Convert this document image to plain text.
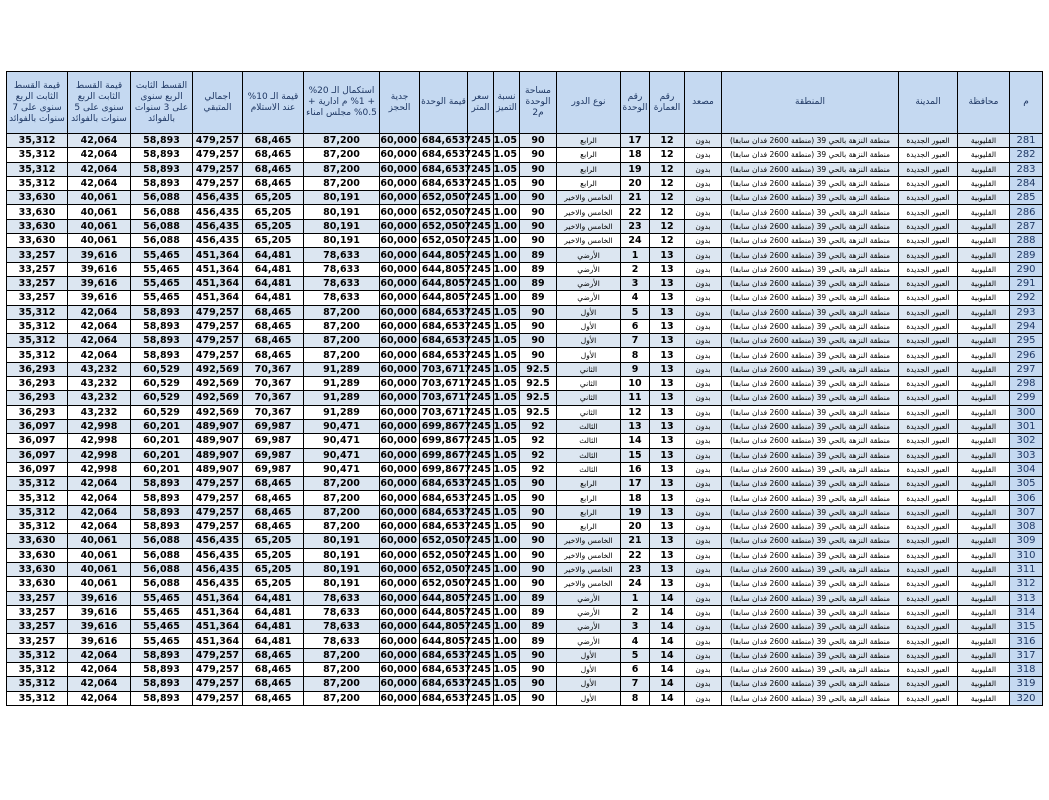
م	محافظة	المدينة	المنطقة	مصعد	رقم العمارة	رقم الوحدة	نوع الدور	مساحة الوحدة م2	نسبة التميز	سعر المتر	قيمة الوحدة	جدية الحجز	استكمال الـ 20% + 1% م ادارية + 0.5% مجلس امناء	قيمة الـ 10% عند الاستلام	اجمالي المتبقي	القسط الثابت الربع سنوى على 3 سنوات بالفوائد	قيمة القسط الثابت الربع سنوى على 5 سنوات بالفوائد	قيمة القسط الثابت الربع سنوى على 7 سنوات بالفوائد
281	القليوبية	العبور الجديدة	منطقة النزهة بالحي 39 (منطقة 2600 فدان سابقا)	بدون	12	17	الرابع	90	1.05	7245	684,653	60,000	87,200	68,465	479,257	58,893	42,064	35,312
282	القليوبية	العبور الجديدة	منطقة النزهة بالحي 39 (منطقة 2600 فدان سابقا)	بدون	12	18	الرابع	90	1.05	7245	684,653	60,000	87,200	68,465	479,257	58,893	42,064	35,312
283	القليوبية	العبور الجديدة	منطقة النزهة بالحي 39 (منطقة 2600 فدان سابقا)	بدون	12	19	الرابع	90	1.05	7245	684,653	60,000	87,200	68,465	479,257	58,893	42,064	35,312
284	القليوبية	العبور الجديدة	منطقة النزهة بالحي 39 (منطقة 2600 فدان سابقا)	بدون	12	20	الرابع	90	1.05	7245	684,653	60,000	87,200	68,465	479,257	58,893	42,064	35,312
285	القليوبية	العبور الجديدة	منطقة النزهة بالحي 39 (منطقة 2600 فدان سابقا)	بدون	12	21	الخامس والاخير	90	1.00	7245	652,050	60,000	80,191	65,205	456,435	56,088	40,061	33,630
286	القليوبية	العبور الجديدة	منطقة النزهة بالحي 39 (منطقة 2600 فدان سابقا)	بدون	12	22	الخامس والاخير	90	1.00	7245	652,050	60,000	80,191	65,205	456,435	56,088	40,061	33,630
287	القليوبية	العبور الجديدة	منطقة النزهة بالحي 39 (منطقة 2600 فدان سابقا)	بدون	12	23	الخامس والاخير	90	1.00	7245	652,050	60,000	80,191	65,205	456,435	56,088	40,061	33,630
288	القليوبية	العبور الجديدة	منطقة النزهة بالحي 39 (منطقة 2600 فدان سابقا)	بدون	12	24	الخامس والاخير	90	1.00	7245	652,050	60,000	80,191	65,205	456,435	56,088	40,061	33,630
289	القليوبية	العبور الجديدة	منطقة النزهة بالحي 39 (منطقة 2600 فدان سابقا)	بدون	13	1	الأرضي	89	1.00	7245	644,805	60,000	78,633	64,481	451,364	55,465	39,616	33,257
290	القليوبية	العبور الجديدة	منطقة النزهة بالحي 39 (منطقة 2600 فدان سابقا)	بدون	13	2	الأرضي	89	1.00	7245	644,805	60,000	78,633	64,481	451,364	55,465	39,616	33,257
291	القليوبية	العبور الجديدة	منطقة النزهة بالحي 39 (منطقة 2600 فدان سابقا)	بدون	13	3	الأرضي	89	1.00	7245	644,805	60,000	78,633	64,481	451,364	55,465	39,616	33,257
292	القليوبية	العبور الجديدة	منطقة النزهة بالحي 39 (منطقة 2600 فدان سابقا)	بدون	13	4	الأرضي	89	1.00	7245	644,805	60,000	78,633	64,481	451,364	55,465	39,616	33,257
293	القليوبية	العبور الجديدة	منطقة النزهة بالحي 39 (منطقة 2600 فدان سابقا)	بدون	13	5	الأول	90	1.05	7245	684,653	60,000	87,200	68,465	479,257	58,893	42,064	35,312
294	القليوبية	العبور الجديدة	منطقة النزهة بالحي 39 (منطقة 2600 فدان سابقا)	بدون	13	6	الأول	90	1.05	7245	684,653	60,000	87,200	68,465	479,257	58,893	42,064	35,312
295	القليوبية	العبور الجديدة	منطقة النزهة بالحي 39 (منطقة 2600 فدان سابقا)	بدون	13	7	الأول	90	1.05	7245	684,653	60,000	87,200	68,465	479,257	58,893	42,064	35,312
296	القليوبية	العبور الجديدة	منطقة النزهة بالحي 39 (منطقة 2600 فدان سابقا)	بدون	13	8	الأول	90	1.05	7245	684,653	60,000	87,200	68,465	479,257	58,893	42,064	35,312
297	القليوبية	العبور الجديدة	منطقة النزهة بالحي 39 (منطقة 2600 فدان سابقا)	بدون	13	9	الثاني	92.5	1.05	7245	703,671	60,000	91,289	70,367	492,569	60,529	43,232	36,293
298	القليوبية	العبور الجديدة	منطقة النزهة بالحي 39 (منطقة 2600 فدان سابقا)	بدون	13	10	الثاني	92.5	1.05	7245	703,671	60,000	91,289	70,367	492,569	60,529	43,232	36,293
299	القليوبية	العبور الجديدة	منطقة النزهة بالحي 39 (منطقة 2600 فدان سابقا)	بدون	13	11	الثاني	92.5	1.05	7245	703,671	60,000	91,289	70,367	492,569	60,529	43,232	36,293
300	القليوبية	العبور الجديدة	منطقة النزهة بالحي 39 (منطقة 2600 فدان سابقا)	بدون	13	12	الثاني	92.5	1.05	7245	703,671	60,000	91,289	70,367	492,569	60,529	43,232	36,293
301	القليوبية	العبور الجديدة	منطقة النزهة بالحي 39 (منطقة 2600 فدان سابقا)	بدون	13	13	الثالث	92	1.05	7245	699,867	60,000	90,471	69,987	489,907	60,201	42,998	36,097
302	القليوبية	العبور الجديدة	منطقة النزهة بالحي 39 (منطقة 2600 فدان سابقا)	بدون	13	14	الثالث	92	1.05	7245	699,867	60,000	90,471	69,987	489,907	60,201	42,998	36,097
303	القليوبية	العبور الجديدة	منطقة النزهة بالحي 39 (منطقة 2600 فدان سابقا)	بدون	13	15	الثالث	92	1.05	7245	699,867	60,000	90,471	69,987	489,907	60,201	42,998	36,097
304	القليوبية	العبور الجديدة	منطقة النزهة بالحي 39 (منطقة 2600 فدان سابقا)	بدون	13	16	الثالث	92	1.05	7245	699,867	60,000	90,471	69,987	489,907	60,201	42,998	36,097
305	القليوبية	العبور الجديدة	منطقة النزهة بالحي 39 (منطقة 2600 فدان سابقا)	بدون	13	17	الرابع	90	1.05	7245	684,653	60,000	87,200	68,465	479,257	58,893	42,064	35,312
306	القليوبية	العبور الجديدة	منطقة النزهة بالحي 39 (منطقة 2600 فدان سابقا)	بدون	13	18	الرابع	90	1.05	7245	684,653	60,000	87,200	68,465	479,257	58,893	42,064	35,312
307	القليوبية	العبور الجديدة	منطقة النزهة بالحي 39 (منطقة 2600 فدان سابقا)	بدون	13	19	الرابع	90	1.05	7245	684,653	60,000	87,200	68,465	479,257	58,893	42,064	35,312
308	القليوبية	العبور الجديدة	منطقة النزهة بالحي 39 (منطقة 2600 فدان سابقا)	بدون	13	20	الرابع	90	1.05	7245	684,653	60,000	87,200	68,465	479,257	58,893	42,064	35,312
309	القليوبية	العبور الجديدة	منطقة النزهة بالحي 39 (منطقة 2600 فدان سابقا)	بدون	13	21	الخامس والاخير	90	1.00	7245	652,050	60,000	80,191	65,205	456,435	56,088	40,061	33,630
310	القليوبية	العبور الجديدة	منطقة النزهة بالحي 39 (منطقة 2600 فدان سابقا)	بدون	13	22	الخامس والاخير	90	1.00	7245	652,050	60,000	80,191	65,205	456,435	56,088	40,061	33,630
311	القليوبية	العبور الجديدة	منطقة النزهة بالحي 39 (منطقة 2600 فدان سابقا)	بدون	13	23	الخامس والاخير	90	1.00	7245	652,050	60,000	80,191	65,205	456,435	56,088	40,061	33,630
312	القليوبية	العبور الجديدة	منطقة النزهة بالحي 39 (منطقة 2600 فدان سابقا)	بدون	13	24	الخامس والاخير	90	1.00	7245	652,050	60,000	80,191	65,205	456,435	56,088	40,061	33,630
313	القليوبية	العبور الجديدة	منطقة النزهة بالحي 39 (منطقة 2600 فدان سابقا)	بدون	14	1	الأرضي	89	1.00	7245	644,805	60,000	78,633	64,481	451,364	55,465	39,616	33,257
314	القليوبية	العبور الجديدة	منطقة النزهة بالحي 39 (منطقة 2600 فدان سابقا)	بدون	14	2	الأرضي	89	1.00	7245	644,805	60,000	78,633	64,481	451,364	55,465	39,616	33,257
315	القليوبية	العبور الجديدة	منطقة النزهة بالحي 39 (منطقة 2600 فدان سابقا)	بدون	14	3	الأرضي	89	1.00	7245	644,805	60,000	78,633	64,481	451,364	55,465	39,616	33,257
316	القليوبية	العبور الجديدة	منطقة النزهة بالحي 39 (منطقة 2600 فدان سابقا)	بدون	14	4	الأرضي	89	1.00	7245	644,805	60,000	78,633	64,481	451,364	55,465	39,616	33,257
317	القليوبية	العبور الجديدة	منطقة النزهة بالحي 39 (منطقة 2600 فدان سابقا)	بدون	14	5	الأول	90	1.05	7245	684,653	60,000	87,200	68,465	479,257	58,893	42,064	35,312
318	القليوبية	العبور الجديدة	منطقة النزهة بالحي 39 (منطقة 2600 فدان سابقا)	بدون	14	6	الأول	90	1.05	7245	684,653	60,000	87,200	68,465	479,257	58,893	42,064	35,312
319	القليوبية	العبور الجديدة	منطقة النزهة بالحي 39 (منطقة 2600 فدان سابقا)	بدون	14	7	الأول	90	1.05	7245	684,653	60,000	87,200	68,465	479,257	58,893	42,064	35,312
320	القليوبية	العبور الجديدة	منطقة النزهة بالحي 39 (منطقة 2600 فدان سابقا)	بدون	14	8	الأول	90	1.05	7245	684,653	60,000	87,200	68,465	479,257	58,893	42,064	35,312
